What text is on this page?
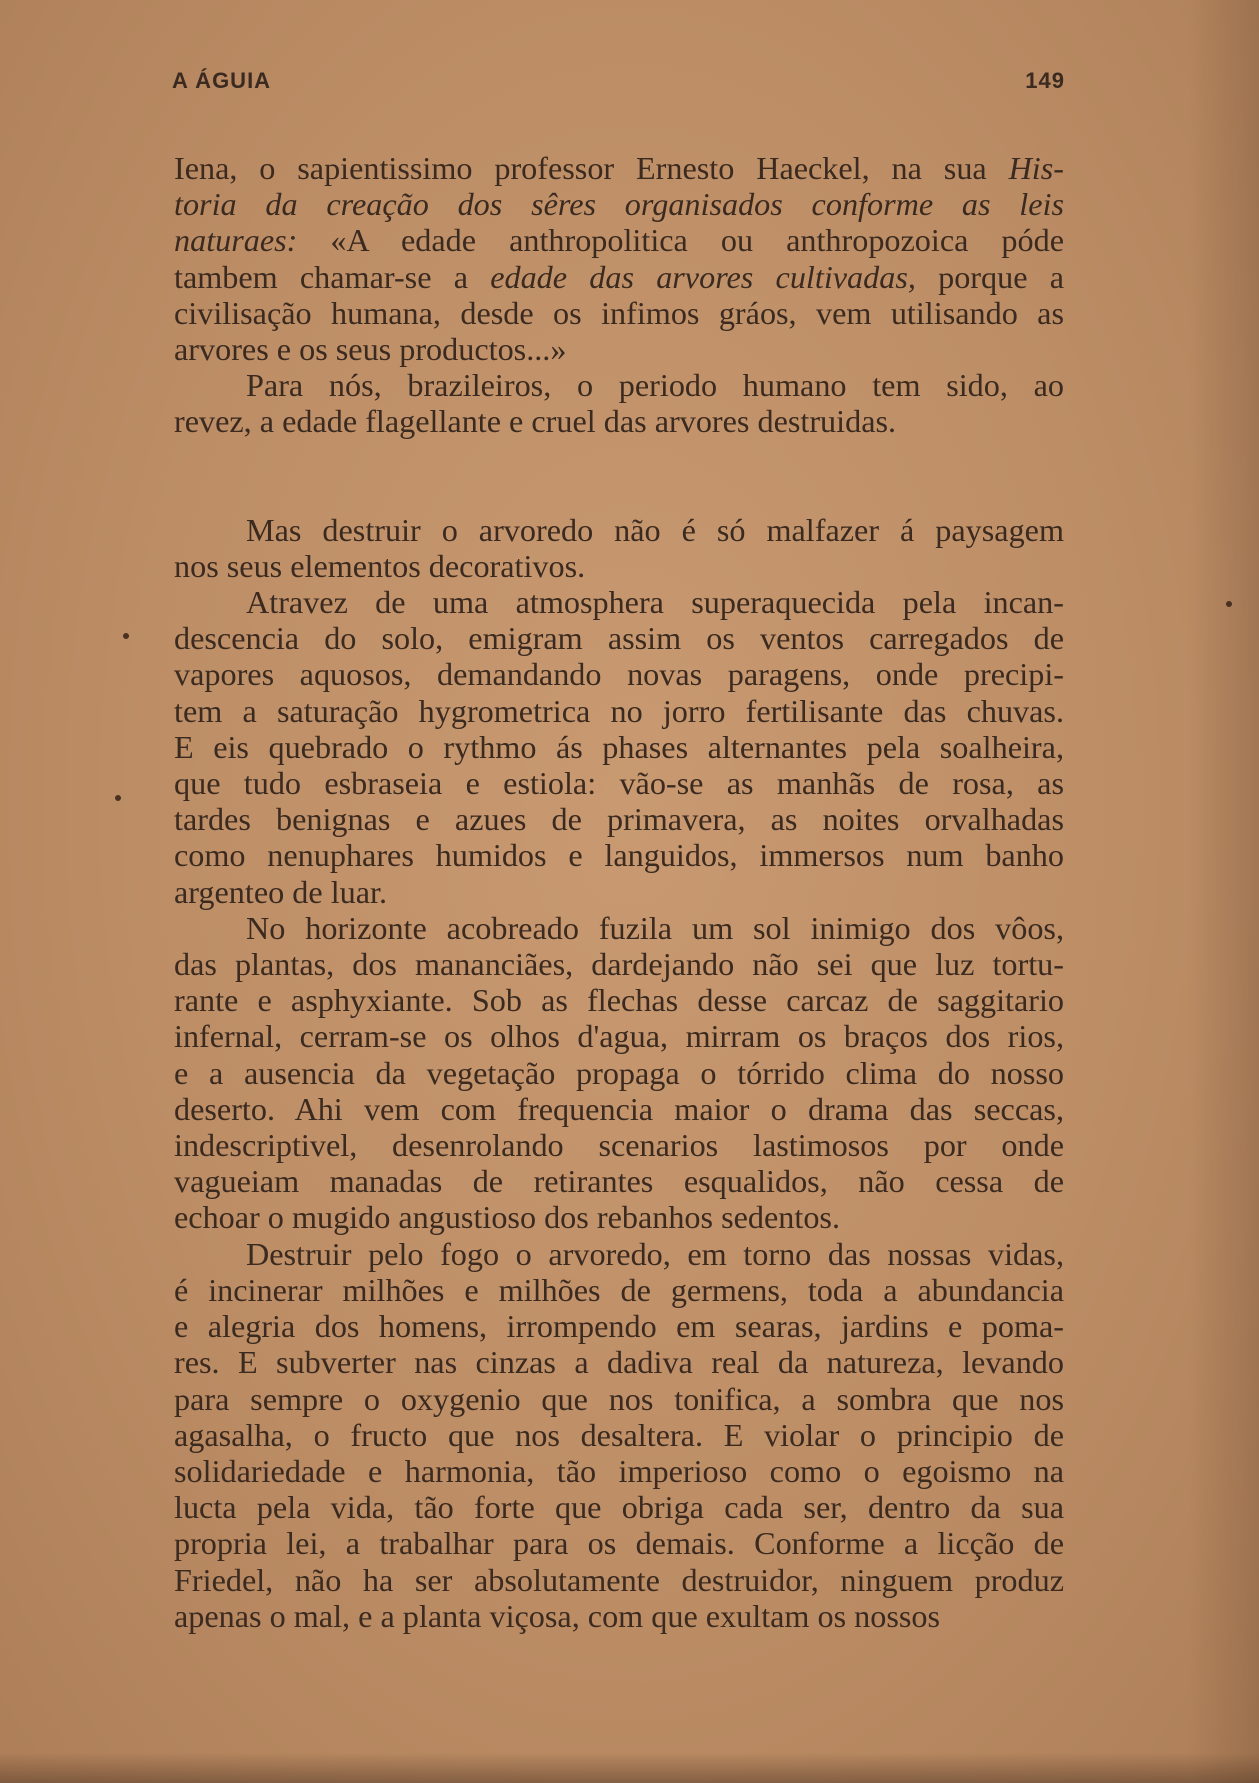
A ÁGUIA	149
Iena, o sapientissimo professor Ernesto Haeckel, na sua His-
toria da creação dos sêres organisados conforme as leis
naturaes: «A edade anthropolitica ou anthropozoica póde
tambem chamar-se a edade das arvores cultivadas, porque a
civilisação humana, desde os infimos gráos, vem utilisando as
arvores e os seus productos...»
Para nós, brazileiros, o periodo humano tem sido, ao
revez, a edade flagellante e cruel das arvores destruidas.
Mas destruir o arvoredo não é só malfazer á paysagem
nos seus elementos decorativos.
Atravez de uma atmosphera superaquecida pela incan-
descencia do solo, emigram assim os ventos carregados de
vapores aquosos, demandando novas paragens, onde precipi-
tem a saturação hygrometrica no jorro fertilisante das chuvas.
E eis quebrado o rythmo ás phases alternantes pela soalheira,
que tudo esbraseia e estiola: vão-se as manhãs de rosa, as
tardes benignas e azues de primavera, as noites orvalhadas
como nenuphares humidos e languidos, immersos num banho
argenteo de luar.
No horizonte acobreado fuzila um sol inimigo dos vôos,
das plantas, dos mananciães, dardejando não sei que luz tortu-
rante e asphyxiante. Sob as flechas desse carcaz de saggitario
infernal, cerram-se os olhos d'agua, mirram os braços dos rios,
e a ausencia da vegetação propaga o tórrido clima do nosso
deserto. Ahi vem com frequencia maior o drama das seccas,
indescriptivel, desenrolando scenarios lastimosos por onde
vagueiam manadas de retirantes esqualidos, não cessa de
echoar o mugido angustioso dos rebanhos sedentos.
Destruir pelo fogo o arvoredo, em torno das nossas vidas,
é incinerar milhões e milhões de germens, toda a abundancia
e alegria dos homens, irrompendo em searas, jardins e poma-
res. E subverter nas cinzas a dadiva real da natureza, levando
para sempre o oxygenio que nos tonifica, a sombra que nos
agasalha, o fructo que nos desaltera. E violar o principio de
solidariedade e harmonia, tão imperioso como o egoismo na
lucta pela vida, tão forte que obriga cada ser, dentro da sua
propria lei, a trabalhar para os demais. Conforme a licção de
Friedel, não ha ser absolutamente destruidor, ninguem produz
apenas o mal, e a planta viçosa, com que exultam os nossos
